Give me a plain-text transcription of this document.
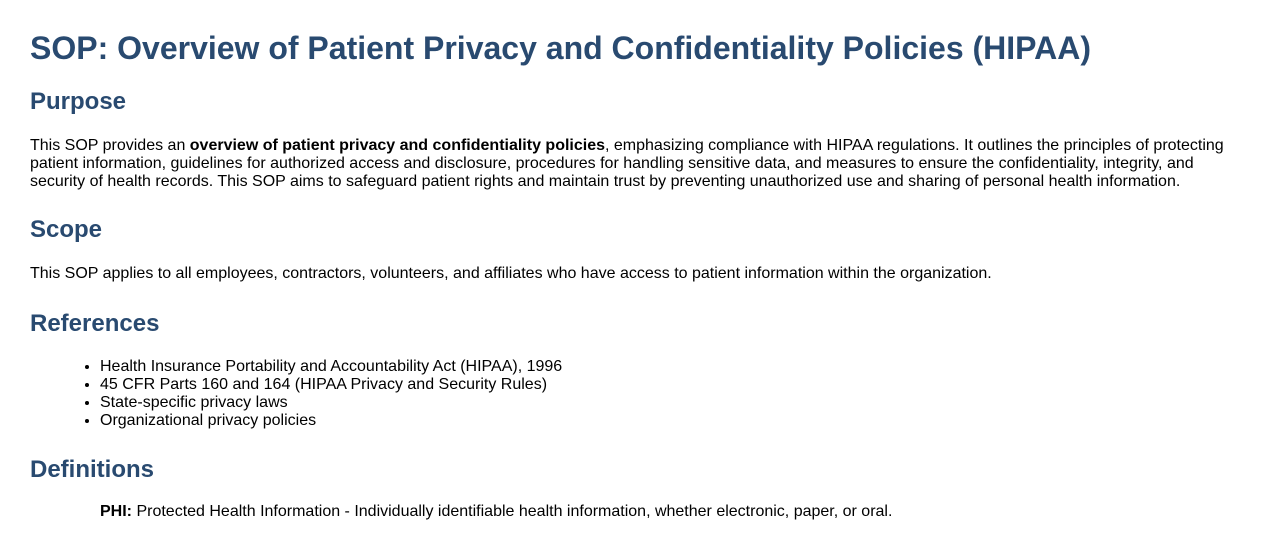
SOP: Overview of Patient Privacy and Confidentiality Policies (HIPAA)
Purpose

This SOP provides an overview of patient privacy and confidentiality policies, emphasizing compliance with HIPAA regulations. It outlines the principles of protecting patient information, guidelines for authorized access and disclosure, procedures for handling sensitive data, and measures to ensure the confidentiality, integrity, and security of health records. This SOP aims to safeguard patient rights and maintain trust by preventing unauthorized use and sharing of personal health information.

Scope

This SOP applies to all employees, contractors, volunteers, and affiliates who have access to patient information within the organization.

References
• Health Insurance Portability and Accountability Act (HIPAA), 1996
• 45 CFR Parts 160 and 164 (HIPAA Privacy and Security Rules)
• State-specific privacy laws
• Organizational privacy policies
Definitions
PHI: Protected Health Information - Individually identifiable health information, whether electronic, paper, or oral.
